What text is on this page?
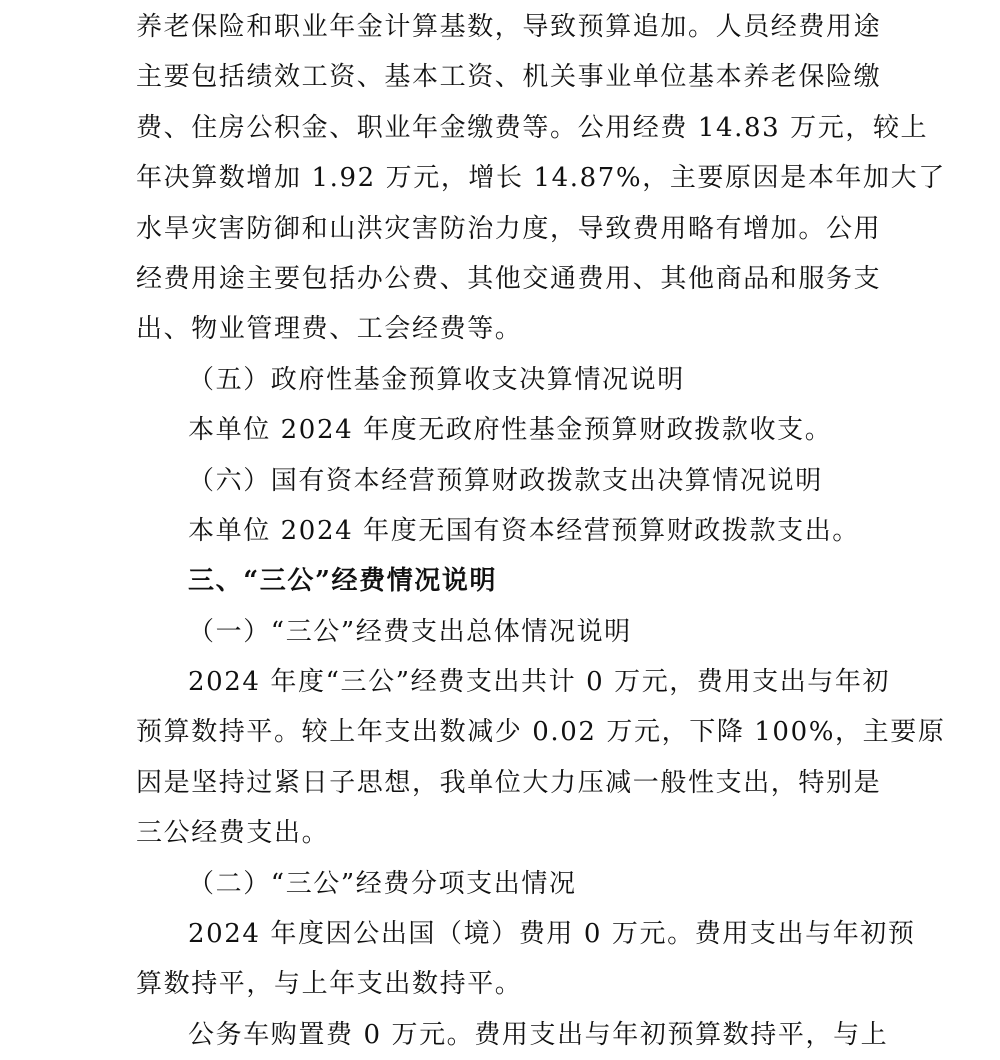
养老保险和职业年金计算基数，导致预算追加。人员经费用途
主要包括绩效工资、基本工资、机关事业单位基本养老保险缴
费、住房公积金、职业年金缴费等。公用经费 14.83 万元，较上
年决算数增加 1.92 万元，增长 14.87%，主要原因是本年加大了
水旱灾害防御和山洪灾害防治力度，导致费用略有增加。公用
经费用途主要包括办公费、其他交通费用、其他商品和服务支
出、物业管理费、工会经费等。
（五）政府性基金预算收支决算情况说明
本单位 2024 年度无政府性基金预算财政拨款收支。
（六）国有资本经营预算财政拨款支出决算情况说明
本单位 2024 年度无国有资本经营预算财政拨款支出。
三、“三公”经费情况说明
（一）“三公”经费支出总体情况说明
2024 年度“三公”经费支出共计 0 万元，费用支出与年初
预算数持平。较上年支出数减少 0.02 万元，下降 100%，主要原
因是坚持过紧日子思想，我单位大力压减一般性支出，特别是
三公经费支出。
（二）“三公”经费分项支出情况
2024 年度因公出国（境）费用 0 万元。费用支出与年初预
算数持平，与上年支出数持平。
公务车购置费 0 万元。费用支出与年初预算数持平，与上
